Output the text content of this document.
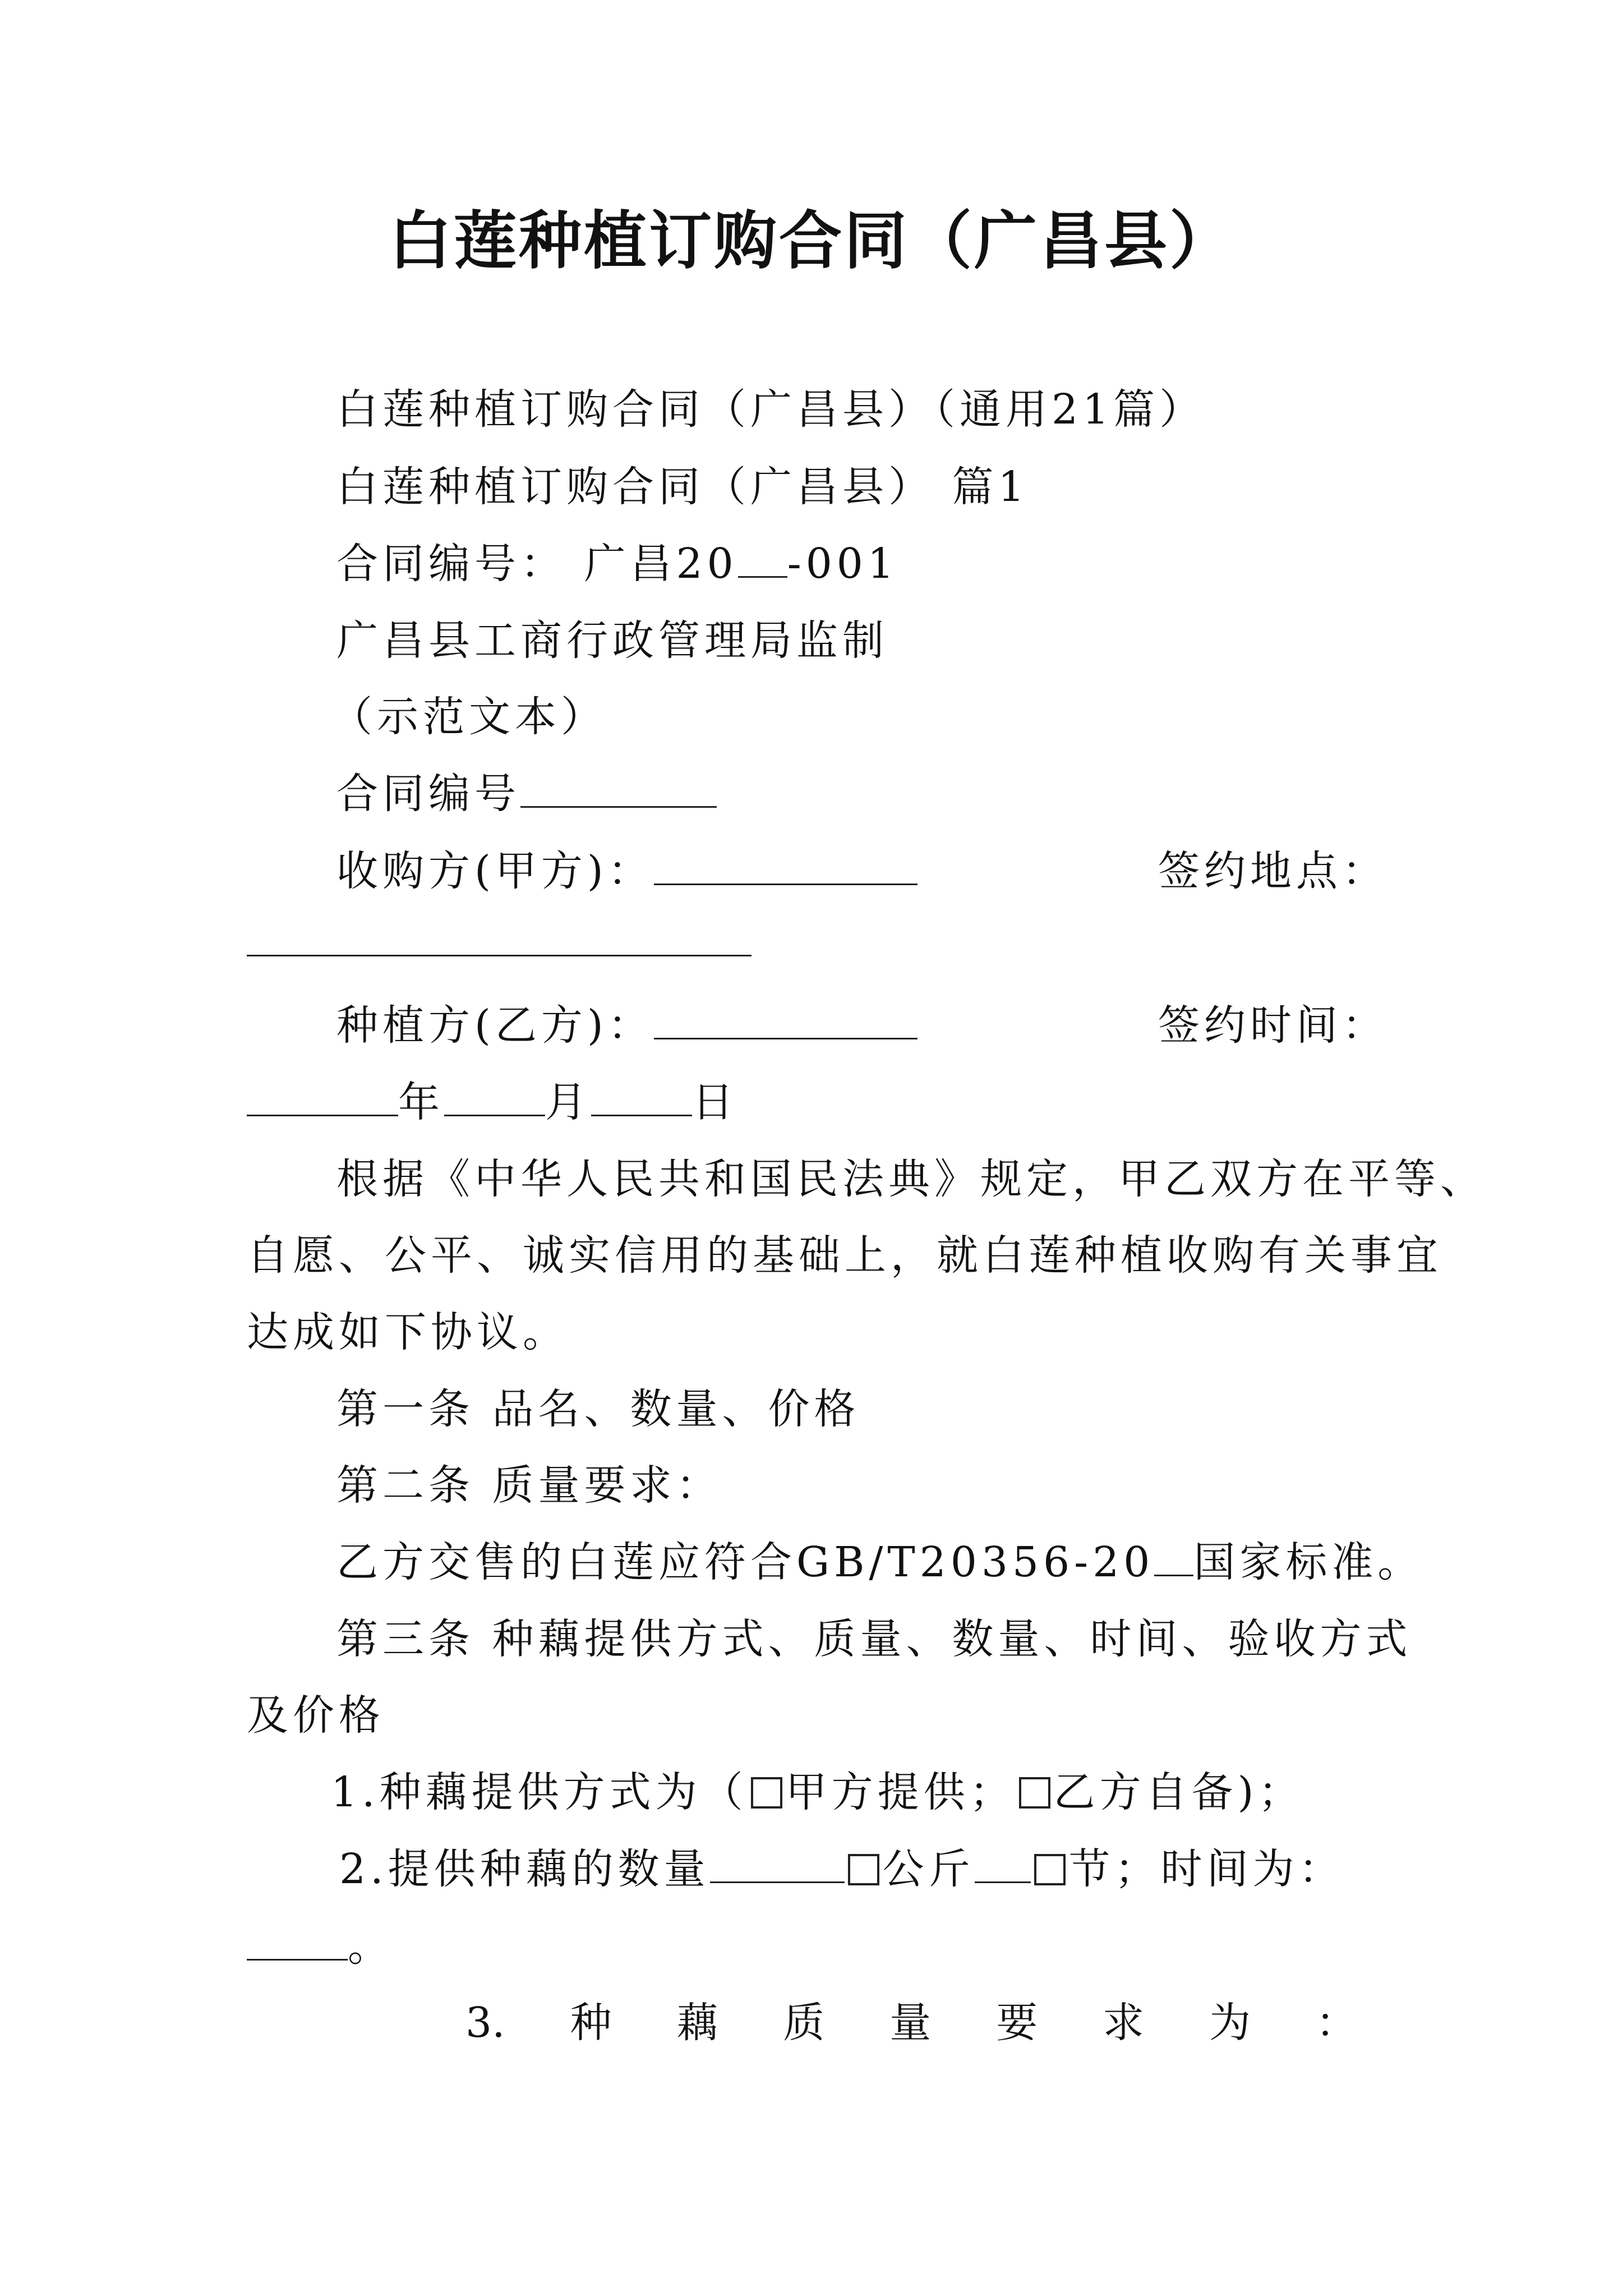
白莲种植订购合同（广昌县）
白莲种植订购合同（广昌县）（通用21篇）
白莲种植订购合同（广昌县） 篇1
合同编号： 广昌20 -001
广昌县工商行政管理局监制
（示范文本）
合同编号
收购方(甲方)：	签约地点：
种植方(乙方)：	签约时间：
年 月 日
根据《中华人民共和国民法典》规定，甲乙双方在平等、
自愿、公平、诚实信用的基础上，就白莲种植收购有关事宜
达成如下协议。
第一条 品名、数量、价格
第二条 质量要求：
乙方交售的白莲应符合GB/T20356-20 国家标准。
第三条 种藕提供方式、质量、数量、时间、验收方式
及价格
1.种藕提供方式为（ 甲方提供； 乙方自备)；
2.提供种藕的数量	公斤 节；时间为：
。
3. 种 藕 质 量 要 求 为 ：
